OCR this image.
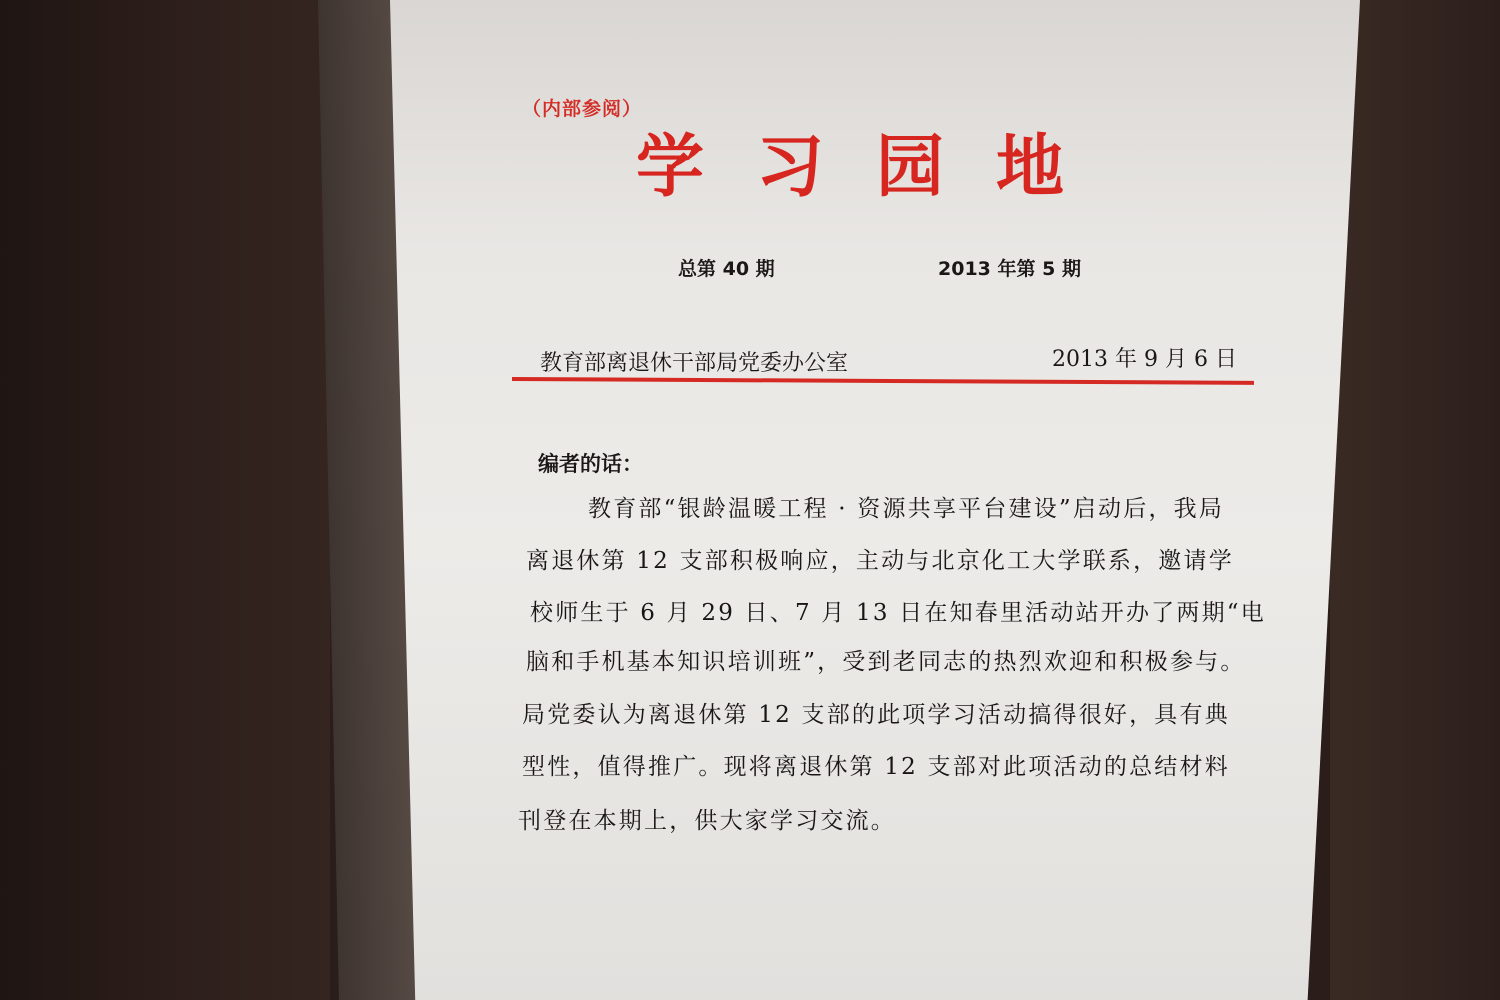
（内部参阅）
学习园地
总第 40 期	2013 年第 5 期
教育部离退休干部局党委办公室	2013 年 9 月 6 日
编者的话：
教育部“银龄温暖工程 · 资源共享平台建设”启动后，我局
离退休第 12 支部积极响应，主动与北京化工大学联系，邀请学
校师生于 6 月 29 日、7 月 13 日在知春里活动站开办了两期“电
脑和手机基本知识培训班”，受到老同志的热烈欢迎和积极参与。
局党委认为离退休第 12 支部的此项学习活动搞得很好，具有典
型性，值得推广。现将离退休第 12 支部对此项活动的总结材料
刊登在本期上，供大家学习交流。
